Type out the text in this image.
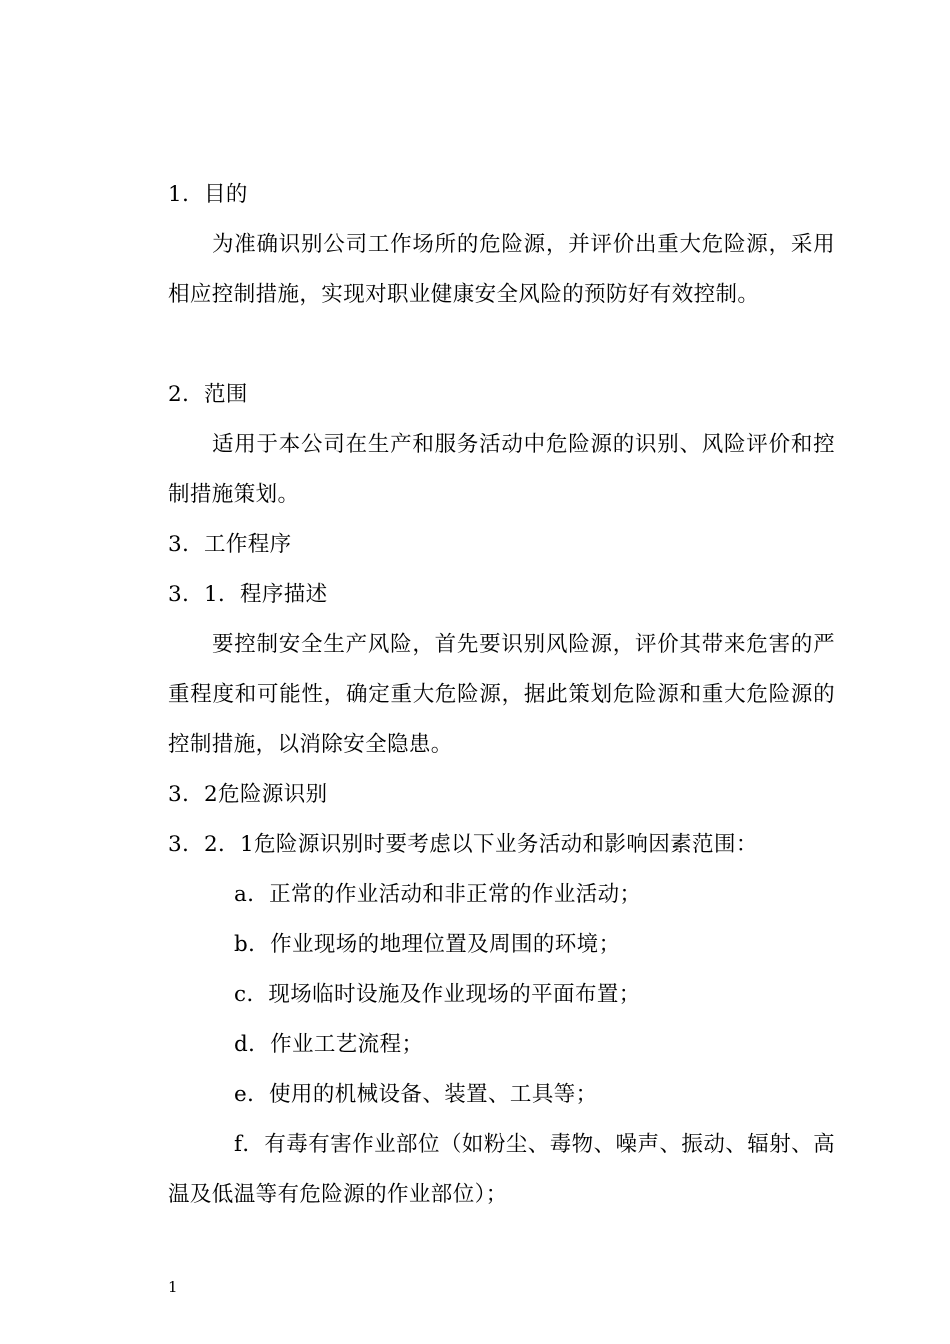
1．目的

为准确识别公司工作场所的危险源，并评价出重大危险源，采用相应控制措施，实现对职业健康安全风险的预防好有效控制。

2．范围

适用于本公司在生产和服务活动中危险源的识别、风险评价和控制措施策划。

3．工作程序

3．1．程序描述

要控制安全生产风险，首先要识别风险源，评价其带来危害的严重程度和可能性，确定重大危险源，据此策划危险源和重大危险源的控制措施，以消除安全隐患。

3．2危险源识别

3．2．1危险源识别时要考虑以下业务活动和影响因素范围：

a．正常的作业活动和非正常的作业活动；

b．作业现场的地理位置及周围的环境；

c．现场临时设施及作业现场的平面布置；

d．作业工艺流程；

e．使用的机械设备、装置、工具等；

f．有毒有害作业部位（如粉尘、毒物、噪声、振动、辐射、高温及低温等有危险源的作业部位）；

1
